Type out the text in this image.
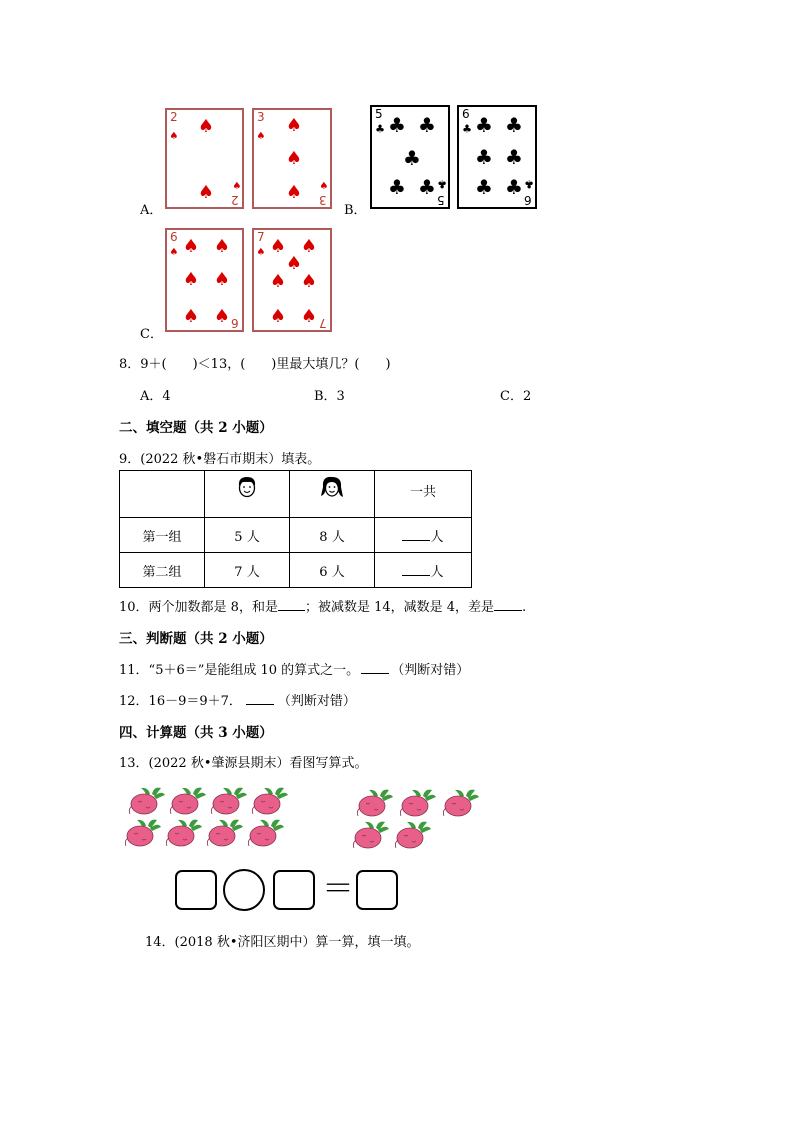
2
♠ ♠
♠ ♠
2
3
♠
♠
♠
♠ ♠
3
A．	B．
5
♣ ♣ ♣
♣
♣ ♣ ♣
5
6
♣ ♣ ♣
♣ ♣
♣ ♣ ♣
6
6
♠ ♠ ♠
♠ ♠
♠ ♠ 6
7
♠ ♠ ♠
♠
♠ ♠
♠ ♠ 7
C．
8．9＋(　　)＜13，(　　)里最大填几？(　　)
A．4	B．3	C．2
二、填空题（共 2 小题）
9．(2022 秋•磐石市期末）填表。
			一共
第一组	5 人	8 人	人
第二组	7 人	6 人	人
10．两个加数都是 8，和是 ；被减数是 14，减数是 4，差是 .
三、判断题（共 2 小题）
11．“5＋6＝”是能组成 10 的算式之一。 （判断对错）
12．16－9＝9＋7．	（判断对错）
四、计算题（共 3 小题）
13．(2022 秋•肇源县期末）看图写算式。
＝
14．(2018 秋•济阳区期中）算一算，填一填。
